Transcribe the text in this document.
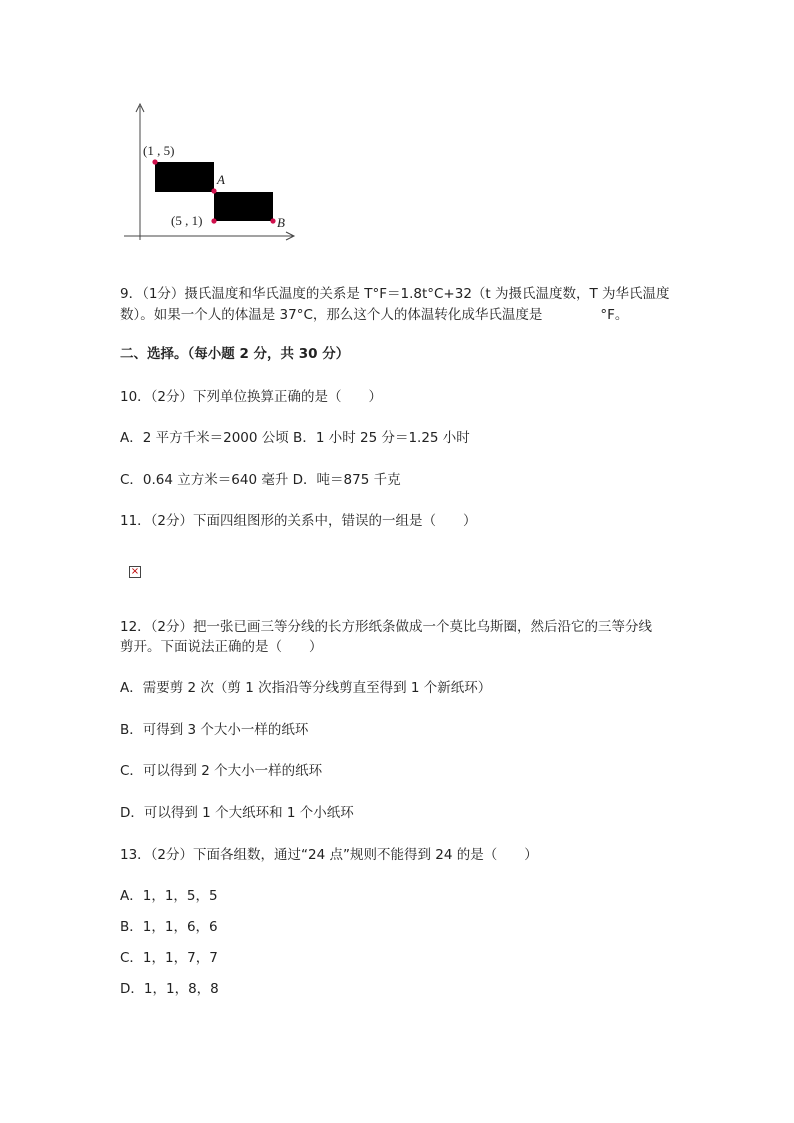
(1 , 5)
A
(5 , 1)	B
9．（1分）摄氏温度和华氏温度的关系是 T°F＝1.8t°C+32（t 为摄氏温度数，T 为华氏温度
数）。如果一个人的体温是 37°C，那么这个人的体温转化成华氏温度是	°F。
二、选择。（每小题 2 分，共 30 分）
10．（2分）下列单位换算正确的是（　　）
A．2 平方千米＝2000 公顷 B．1 小时 25 分＝1.25 小时
C．0.64 立方米＝640 毫升 D．吨＝875 千克
11．（2分）下面四组图形的关系中，错误的一组是（　　）
×
12．（2分）把一张已画三等分线的长方形纸条做成一个莫比乌斯圈，然后沿它的三等分线
剪开。下面说法正确的是（　　）
A．需要剪 2 次（剪 1 次指沿等分线剪直至得到 1 个新纸环）
B．可得到 3 个大小一样的纸环
C．可以得到 2 个大小一样的纸环
D．可以得到 1 个大纸环和 1 个小纸环
13．（2分）下面各组数，通过“24 点”规则不能得到 24 的是（　　）
A．1，1，5，5
B．1，1，6，6
C．1，1，7，7
D．1，1，8，8
